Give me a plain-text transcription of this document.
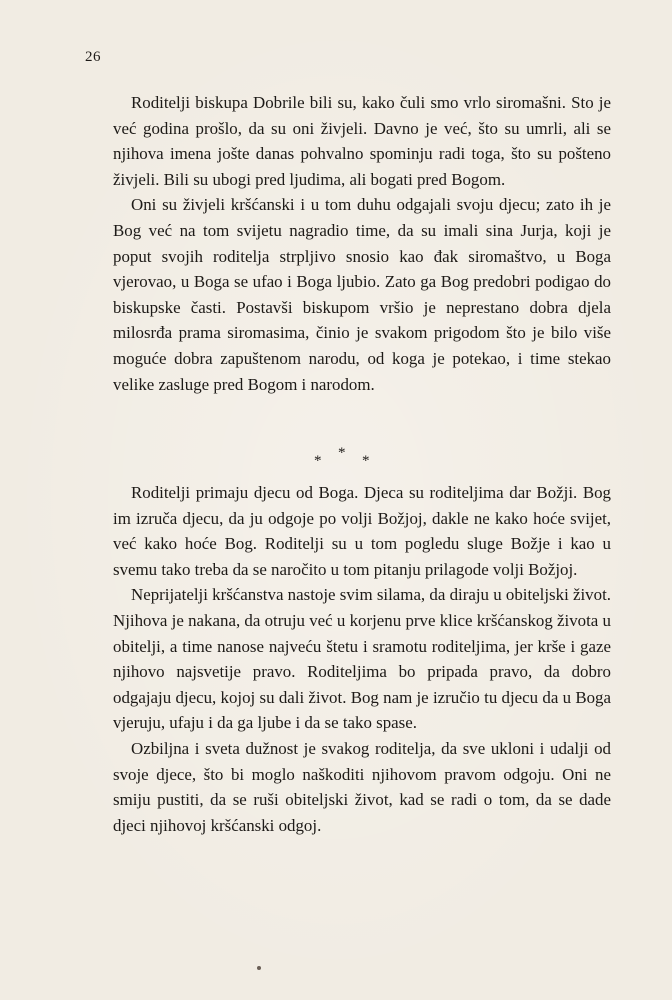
26

Roditelji biskupa Dobrile bili su, kako čuli smo vrlo siromašni. Sto je već godina prošlo, da su oni živjeli. Davno je već, što su umrli, ali se njihova imena jošte danas pohvalno spominju radi toga, što su pošteno živjeli. Bili su ubogi pred ljudima, ali bogati pred Bogom.

Oni su živjeli kršćanski i u tom duhu odgajali svoju djecu; zato ih je Bog već na tom svijetu nagradio time, da su imali sina Jurja, koji je poput svojih roditelja strpljivo snosio kao đak siromaštvo, u Boga vjerovao, u Boga se ufao i Boga ljubio. Zato ga Bog predobri podigao do biskupske časti. Postavši biskupom vršio je neprestano dobra djela milosrđa prama siromasima, činio je svakom prigodom što je bilo više moguće dobra zapuštenom narodu, od koga je potekao, i time stekao velike zasluge pred Bogom i narodom.

* * *

Roditelji primaju djecu od Boga. Djeca su roditeljima dar Božji. Bog im izruča djecu, da ju odgoje po volji Božjoj, dakle ne kako hoće svijet, već kako hoće Bog. Roditelji su u tom pogledu sluge Božje i kao u svemu tako treba da se naročito u tom pitanju prilagode volji Božjoj.

Neprijatelji kršćanstva nastoje svim silama, da diraju u obiteljski život. Njihova je nakana, da otruju već u korjenu prve klice kršćanskog života u obitelji, a time nanose najveću štetu i sramotu roditeljima, jer krše i gaze njihovo najsvetije pravo. Roditeljima bo pripada pravo, da dobro odgajaju djecu, kojoj su dali život. Bog nam je izručio tu djecu da u Boga vjeruju, ufaju i da ga ljube i da se tako spase.

Ozbiljna i sveta dužnost je svakog roditelja, da sve ukloni i udalji od svoje djece, što bi moglo naškoditi njihovom pravom odgoju. Oni ne smiju pustiti, da se ruši obiteljski život, kad se radi o tom, da se dade djeci njihovoj kršćanski odgoj.
